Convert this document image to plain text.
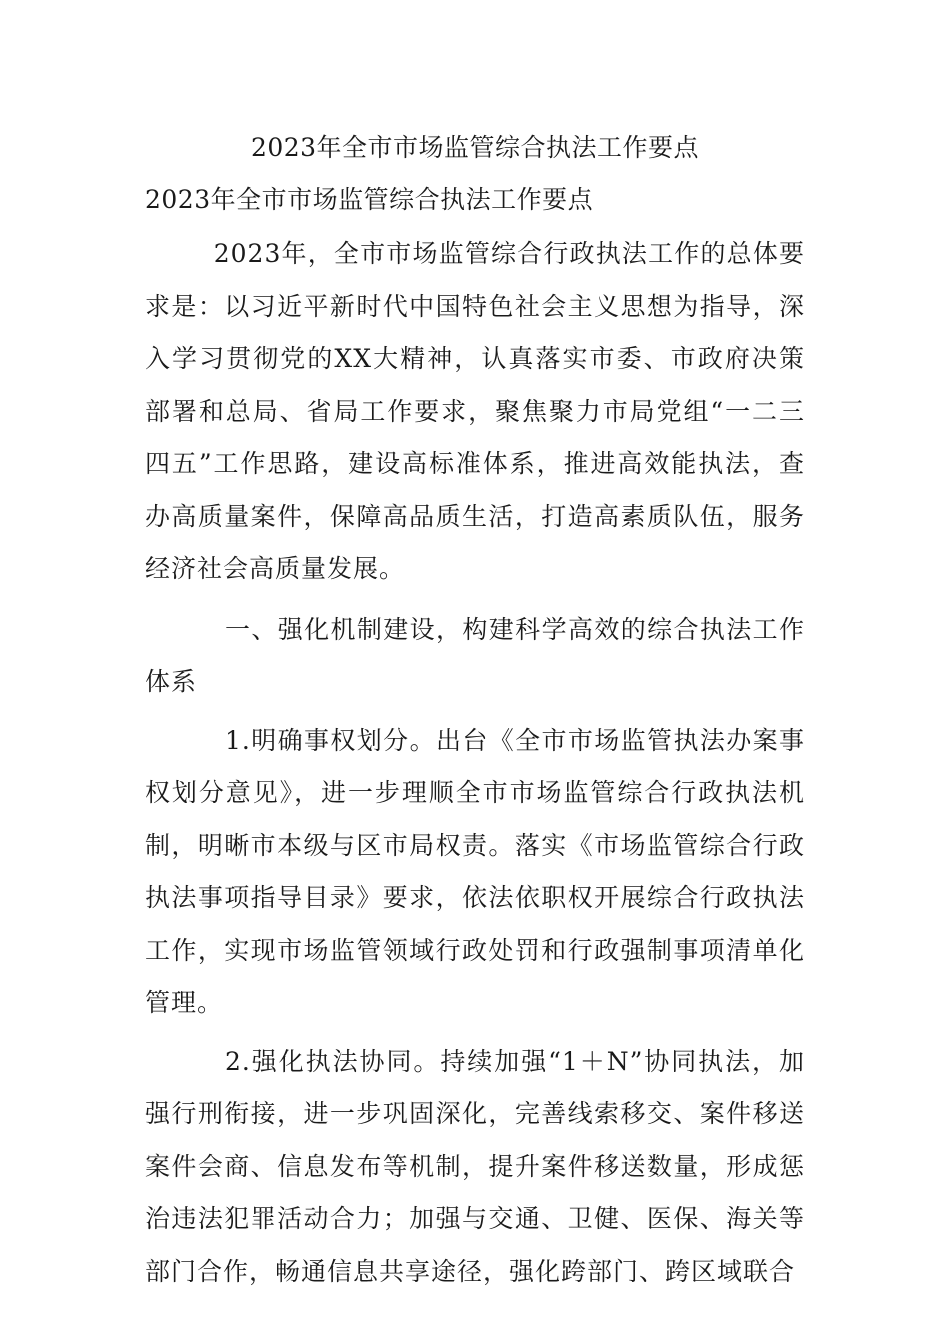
2023年全市市场监管综合执法工作要点
2023年全市市场监管综合执法工作要点

2023年，全市市场监管综合行政执法工作的总体要求是：以习近平新时代中国特色社会主义思想为指导，深入学习贯彻党的XX大精神，认真落实市委、市政府决策部署和总局、省局工作要求，聚焦聚力市局党组“一二三四五”工作思路，建设高标准体系，推进高效能执法，查办高质量案件，保障高品质生活，打造高素质队伍，服务经济社会高质量发展。

一、强化机制建设，构建科学高效的综合执法工作体系

1.明确事权划分。出台《全市市场监管执法办案事权划分意见》，进一步理顺全市市场监管综合行政执法机制，明晰市本级与区市局权责。落实《市场监管综合行政执法事项指导目录》要求，依法依职权开展综合行政执法工作，实现市场监管领域行政处罚和行政强制事项清单化管理。

2.强化执法协同。持续加强“1＋N”协同执法，加强行刑衔接，进一步巩固深化，完善线索移交、案件移送案件会商、信息发布等机制，提升案件移送数量，形成惩治违法犯罪活动合力；加强与交通、卫健、医保、海关等部门合作，畅通信息共享途径，强化跨部门、跨区域联合
